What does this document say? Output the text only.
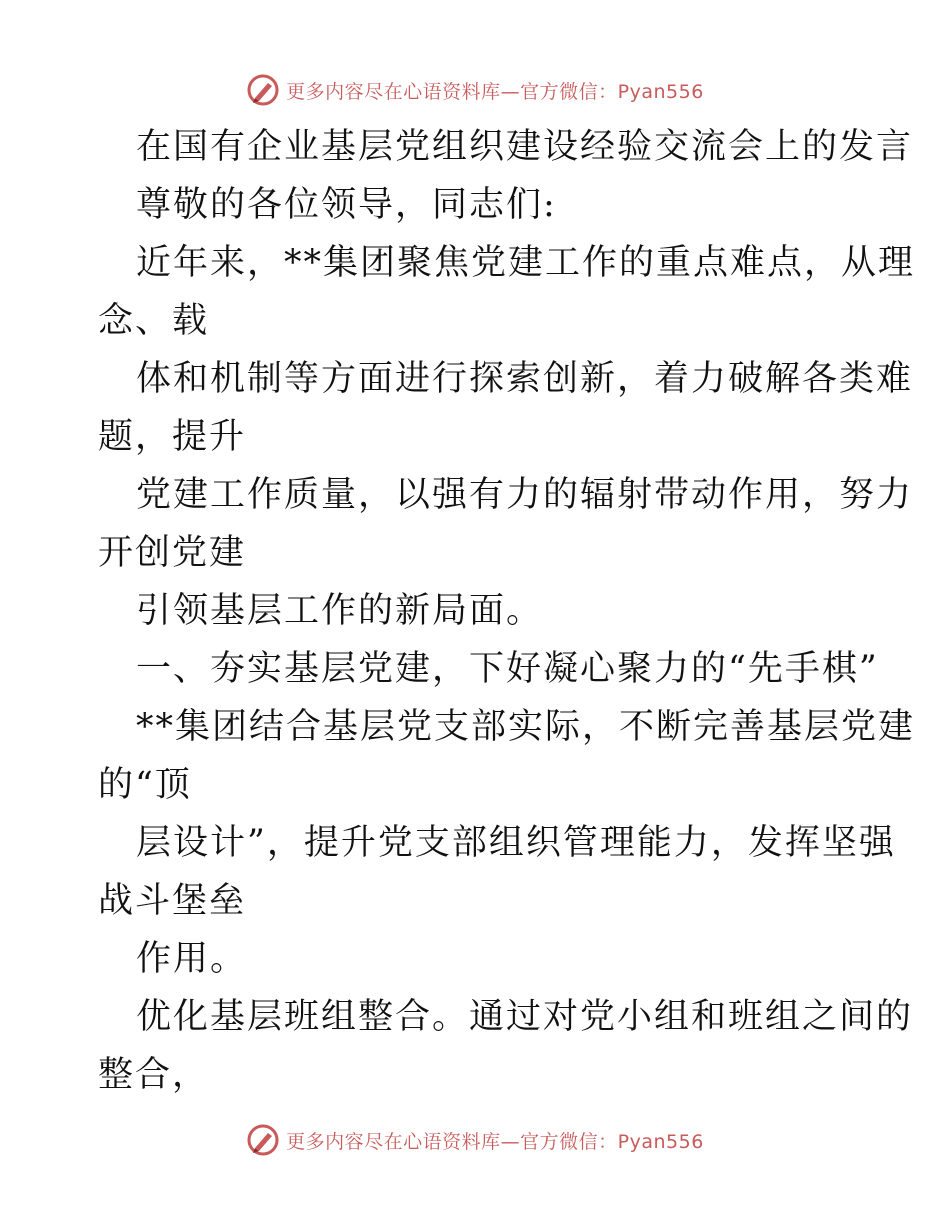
更多内容尽在心语资料库—官方微信：Pyan556
在国有企业基层党组织建设经验交流会上的发言
尊敬的各位领导，同志们:
近年来，**集团聚焦党建工作的重点难点，从理
念、载
体和机制等方面进行探索创新，着力破解各类难
题，提升
党建工作质量，以强有力的辐射带动作用，努力
开创党建
引领基层工作的新局面。
一、夯实基层党建，下好凝心聚力的“先手棋”
**集团结合基层党支部实际，不断完善基层党建
的“顶
层设计”，提升党支部组织管理能力，发挥坚强
战斗堡垒
作用。
优化基层班组整合。通过对党小组和班组之间的
整合，
更多内容尽在心语资料库—官方微信：Pyan556
